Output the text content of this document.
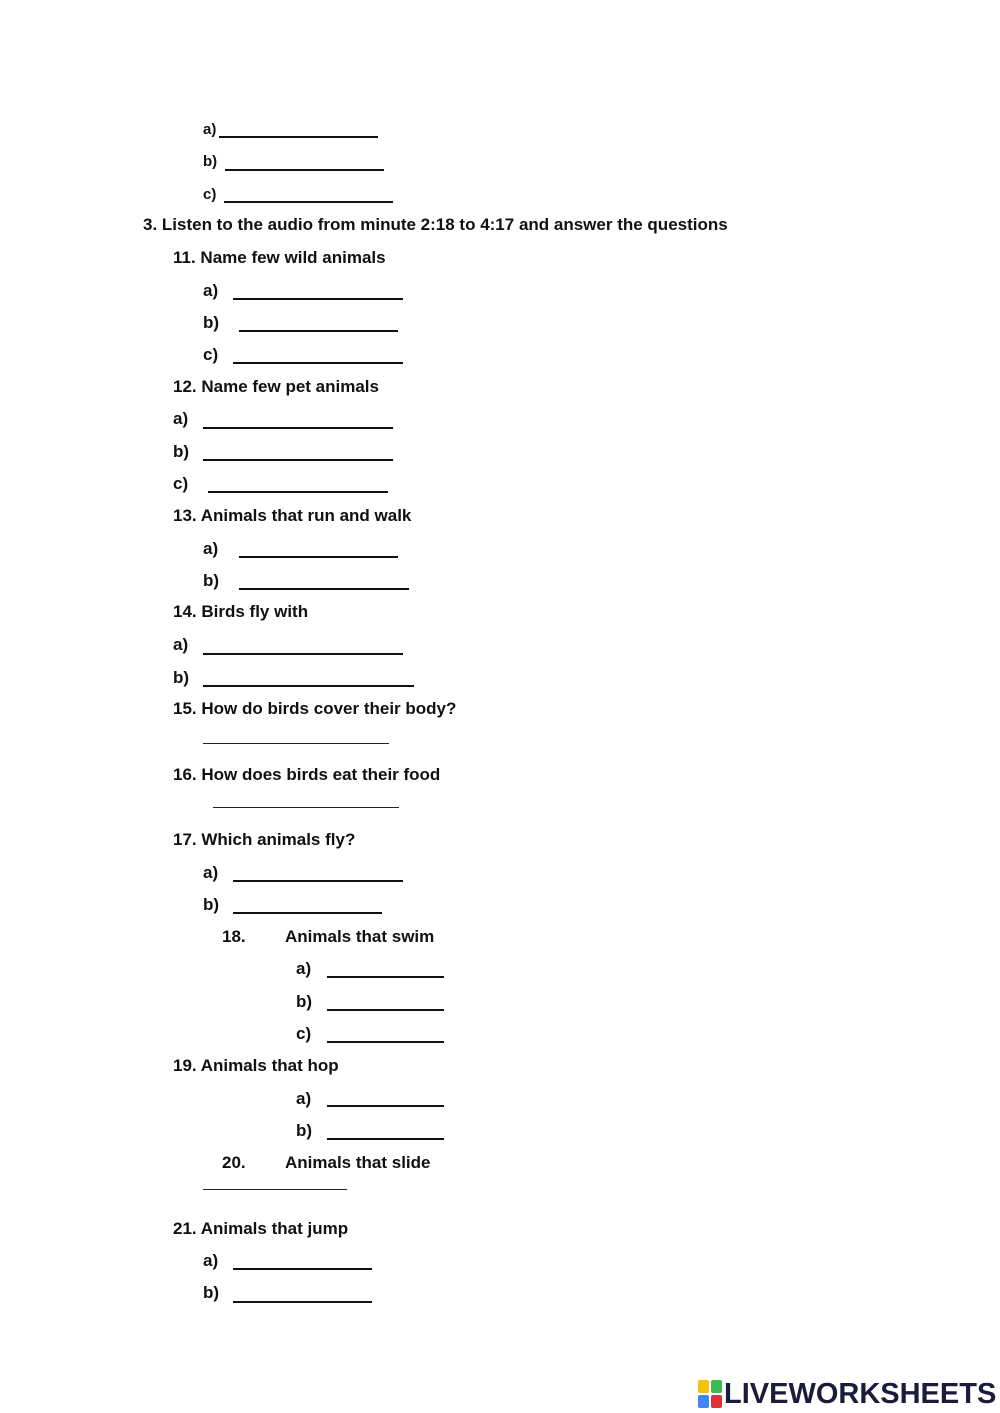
a)
b)
c)
3. Listen to the audio from minute 2:18 to 4:17 and answer the questions
11. Name few wild animals
a)
b)
c)
12. Name few pet animals
a)
b)
c)
13. Animals that run and walk
a)
b)
14. Birds fly with
a)
b)
15. How do birds cover their body?
16. How does birds eat their food
17. Which animals fly?
a)
b)
18. Animals that swim
a)
b)
c)
19. Animals that hop
a)
b)
20. Animals that slide
21. Animals that jump
a)
b)
LIVEWORKSHEETS
